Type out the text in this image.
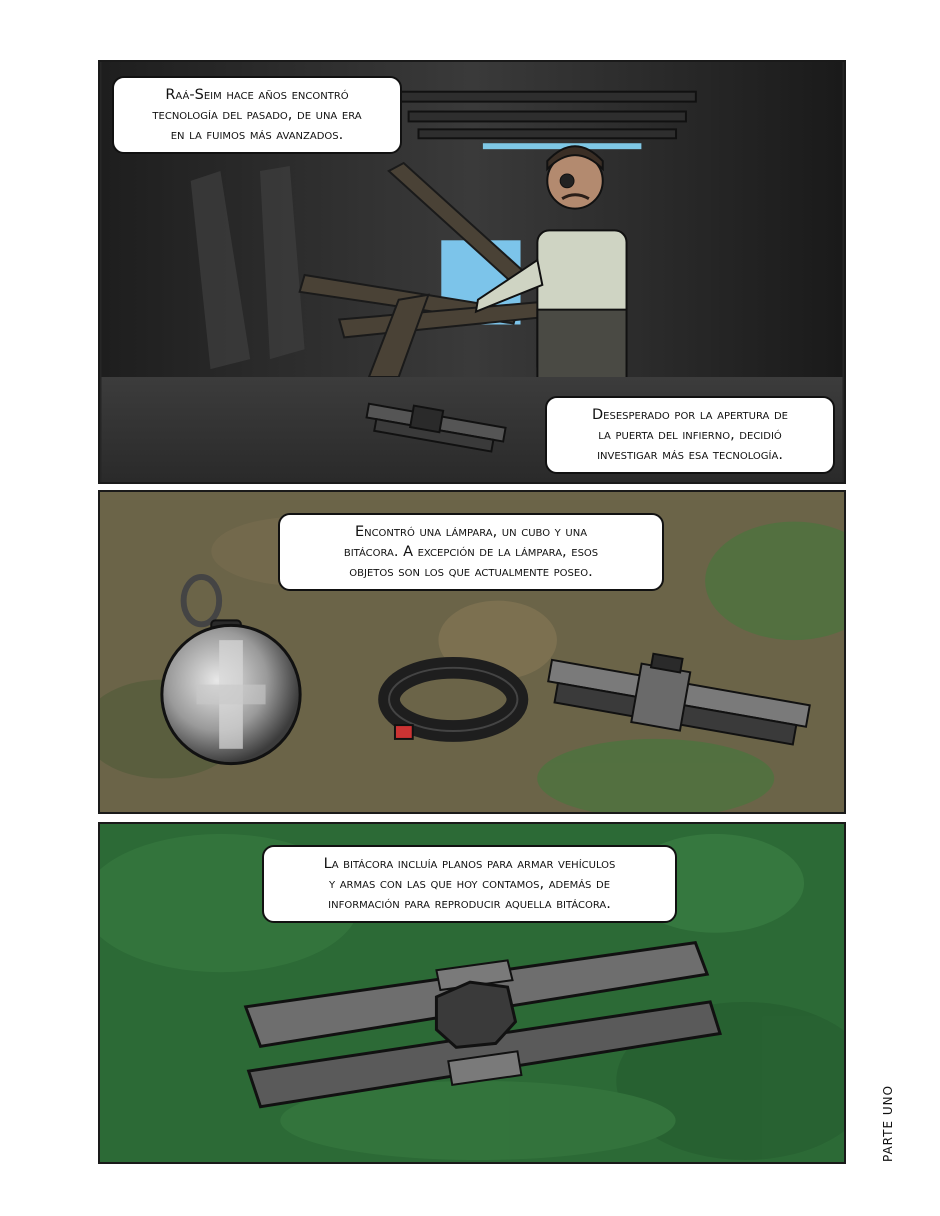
Raá-Seim hace años encontró
tecnología del pasado, de una era
en la fuimos más avanzados.
Desesperado por la apertura de
la puerta del infierno, decidió
investigar más esa tecnología.
Encontró una lámpara, un cubo y una
bitácora. A excepción de la lámpara, esos
objetos son los que actualmente poseo.
La bitácora incluía planos para armar vehículos
y armas con las que hoy contamos, además de
información para reproducir aquella bitácora.
PARTE UNO
